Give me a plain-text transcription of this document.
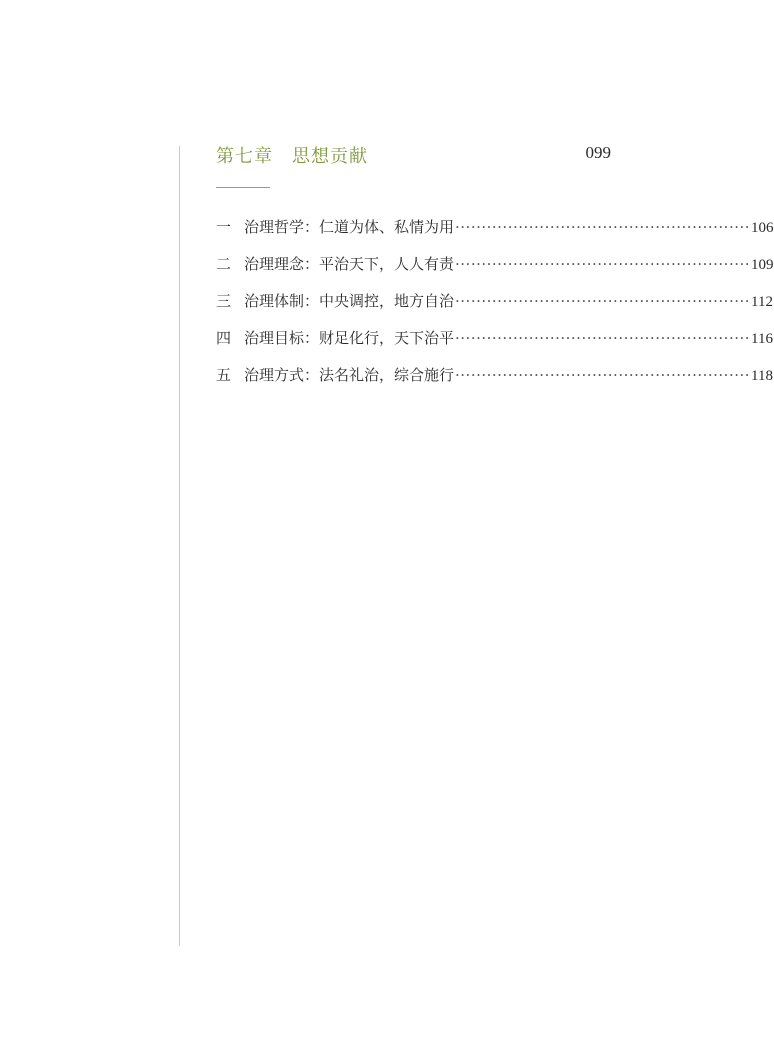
第七章　思想贡献	099
一 治理哲学：仁道为体、私情为用 ························································ 106
二 治理理念：平治天下，人人有责 ························································ 109
三 治理体制：中央调控，地方自治 ························································ 112
四 治理目标：财足化行，天下治平 ························································ 116
五 治理方式：法名礼治，综合施行 ························································ 118
